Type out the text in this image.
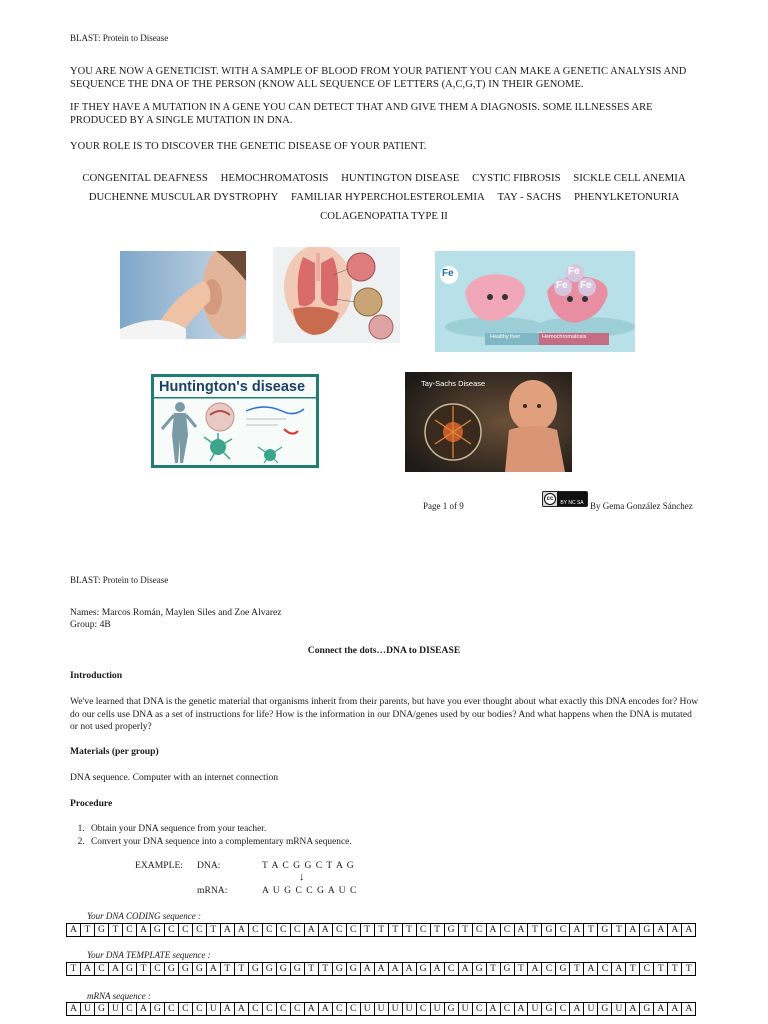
BLAST: Protein to Disease
YOU ARE NOW A GENETICIST. WITH A SAMPLE OF BLOOD FROM YOUR PATIENT YOU CAN MAKE A GENETIC ANALYSIS AND SEQUENCE THE DNA OF THE PERSON (KNOW ALL SEQUENCE OF LETTERS (A,C,G,T) IN THEIR GENOME.
IF THEY HAVE A MUTATION IN A GENE YOU CAN DETECT THAT AND GIVE THEM A DIAGNOSIS. SOME ILLNESSES ARE PRODUCED BY A SINGLE MUTATION IN DNA.
YOUR ROLE IS TO DISCOVER THE GENETIC DISEASE OF YOUR PATIENT.
CONGENITAL DEAFNESS HEMOCHROMATOSIS HUNTINGTON DISEASE CYSTIC FIBROSIS SICKLE CELL ANEMIA
DUCHENNE MUSCULAR DYSTROPHY FAMILIAR HYPERCHOLESTEROLEMIA TAY - SACHS PHENYLKETONURIA
COLAGENOPATIA TYPE II
Fe	Fe
Fe Fe
Healthy liver	Hemochromatosis
Huntington's disease	Tay-Sachs Disease
Page 1 of 9
cc
BY NC SA By Gema González Sánchez
BLAST: Protein to Disease
Names: Marcos Román, Maylen Siles and Zoe Alvarez
Group: 4B
Connect the dots…DNA to DISEASE
Introduction
We've learned that DNA is the genetic material that organisms inherit from their parents, but have you ever thought about what exactly this DNA encodes for? How do our cells use DNA as a set of instructions for life? How is the information in our DNA/genes used by our bodies? And what happens when the DNA is mutated or not used properly?
Materials (per group)
DNA sequence. Computer with an internet connection
Procedure
1. Obtain your DNA sequence from your teacher.
2. Convert your DNA sequence into a complementary mRNA sequence.
EXAMPLE: DNA:	T A C G G C T A G
↓
mRNA:	A U G C C G A U C
Your DNA CODING sequence :
A T G T C A G C C C T A A C C C C A A C C T T T T C T G T C A C A T G C A T G T A G A A A
Your DNA TEMPLATE sequence :
T A C A G T C G G G A T T G G G G T T G G A A A A G A C A G T G T A C G T A C A T C T T T
mRNA sequence :
A U G U C A G C C C U A A C C C C A A C C U U U U C U G U C A C A U G C A U G U A G A A A
